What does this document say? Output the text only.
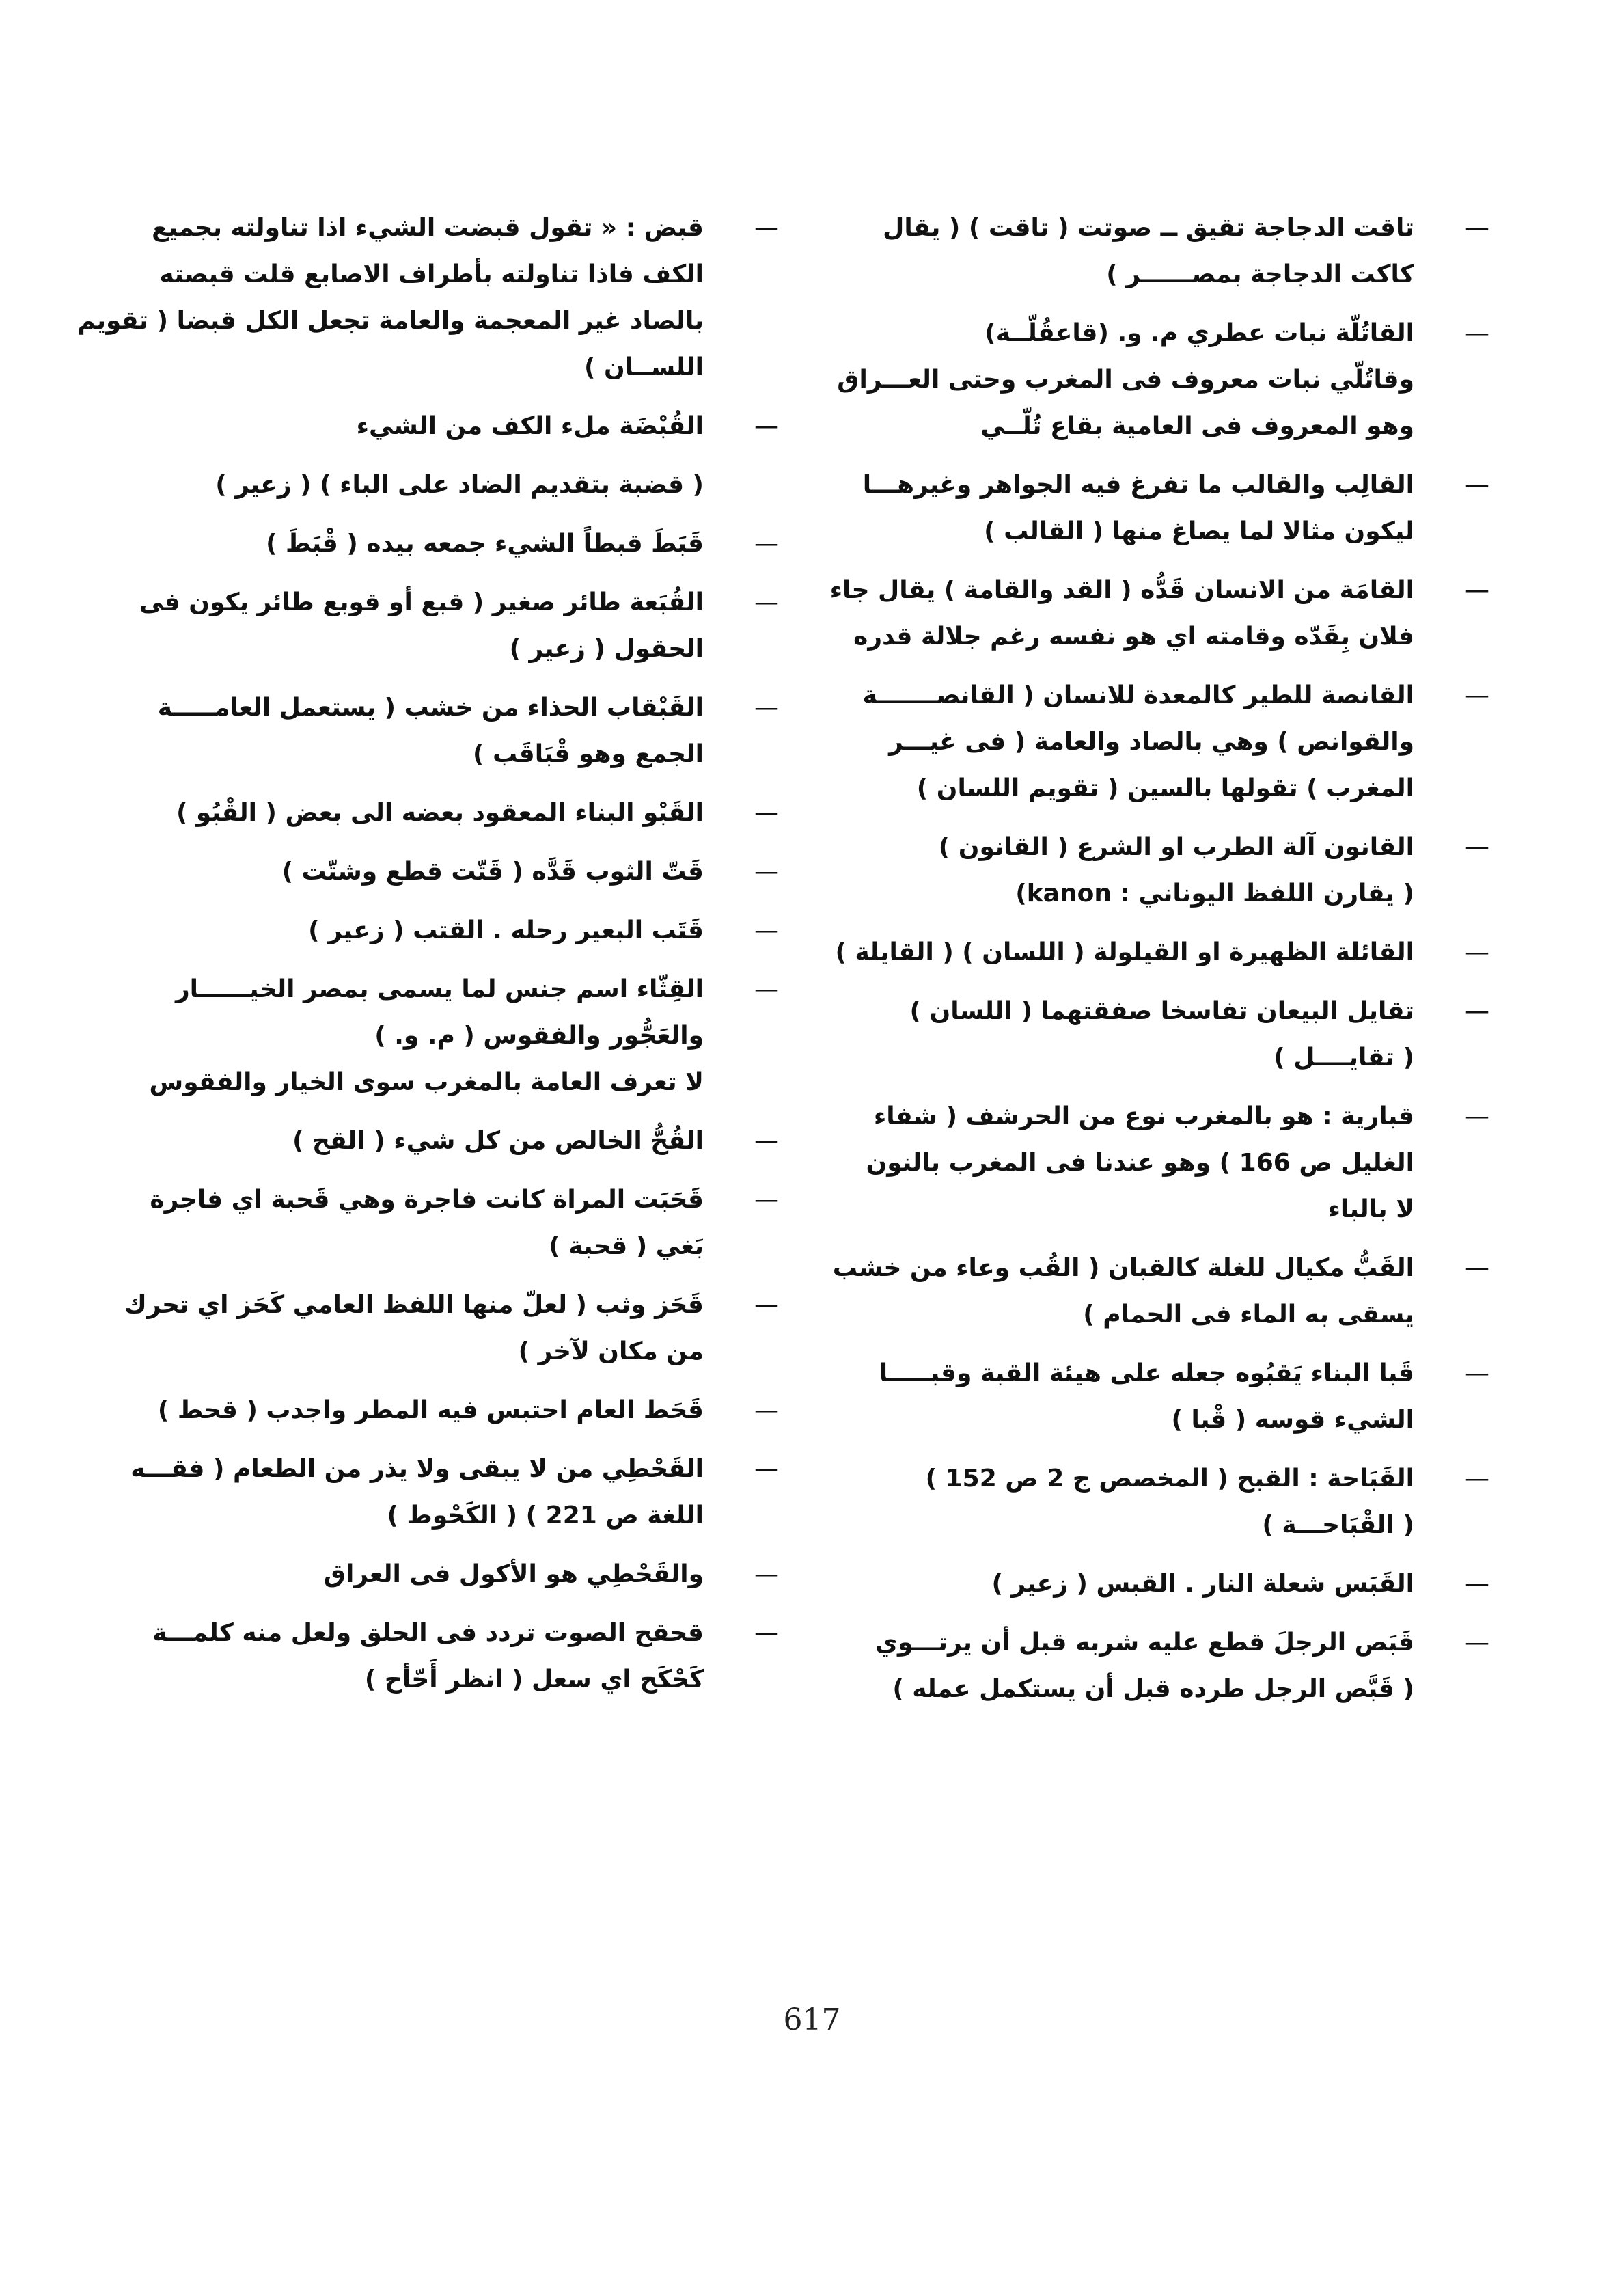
—
تاقت الدجاجة تقيق ــ صوتت ( تاقت ) ( يقال
كاكت الدجاجة بمصــــــر )
—
القاتُلّة نبات عطري م. و. (قاعقُلّــة)
وقاتُلّي نبات معروف فى المغرب وحتى العـــراق
وهو المعروف فى العامية بقاع تُلّــي
—
القالِب والقالب ما تفرغ فيه الجواهر وغيرهـــا
ليكون مثالا لما يصاغ منها ( القالب )
—
القامَة من الانسان قَدُّه ( القد والقامة ) يقال جاء
فلان بِقَدّه وقامته اي هو نفسه رغم جلالة قدره
—
القانصة للطير كالمعدة للانسان ( القانصـــــــة
والقوانص ) وهي بالصاد والعامة ( فى غيـــر
المغرب ) تقولها بالسين ( تقويم اللسان )
—
القانون آلة الطرب او الشرع ( القانون )
( يقارن اللفظ اليوناني : kanon)
—
القائلة الظهيرة او القيلولة ( اللسان ) ( القايلة )
—
تقايل البيعان تفاسخا صفقتهما ( اللسان )
( تقايــــل )
—
قبارية : هو بالمغرب نوع من الحرشف ( شفاء
الغليل ص 166 ) وهو عندنا فى المغرب بالنون
لا بالباء
—
القَبُّ مكيال للغلة كالقبان ( القُب وعاء من خشب
يسقى به الماء فى الحمام )
—
قَبا البناء يَقبُوه جعله على هيئة القبة وقبـــــا
الشيء قوسه ( قْبا )
—
القَبَاحة : القبح ( المخصص ج 2 ص 152 )
( القْبَاحـــة )
—
القَبَس شعلة النار . القبس ( زعير )
—
قَبَص الرجلَ قطع عليه شربه قبل أن يرتـــوي
( قَبَّص الرجل طرده قبل أن يستكمل عمله )
—
قبض : « تقول قبضت الشيء اذا تناولته بجميع
الكف فاذا تناولته بأطراف الاصابع قلت قبصته
بالصاد غير المعجمة والعامة تجعل الكل قبضا ( تقويم
اللســان )
—
القُبْضَة ملء الكف من الشيء
( قضبة بتقديم الضاد على الباء ) ( زعير )
—
قَبَطَ قبطاً الشيء جمعه بيده ( قْبَطَ )
—
القُبَعة طائر صغير ( قبع أو قوبع طائر يكون فى
الحقول ( زعير )
—
القَبْقاب الحذاء من خشب ( يستعمل العامـــــة
الجمع وهو قْبَاقَب )
—
القَبْو البناء المعقود بعضه الى بعض ( القْبُو )
—
قَتّ الثوب قَدَّه ( قَتّت قطع وشتّت )
—
قَتَب البعير رحله . القتب ( زعير )
—
القِثّاء اسم جنس لما يسمى بمصر الخيــــــار
والعَجُّور والفقوس ( م. و. )
لا تعرف العامة بالمغرب سوى الخيار والفقوس
—
القُحُّ الخالص من كل شيء ( القح )
—
قَحَبَت المراة كانت فاجرة وهي قَحبة اي فاجرة
بَغي ( قحبة )
—
قَحَز وثب ( لعلّ منها اللفظ العامي كَحَز اي تحرك
من مكان لآخر )
—
قَحَط العام احتبس فيه المطر واجدب ( قحط )
—
القَحْطِي من لا يبقى ولا يذر من الطعام ( فقـــه
اللغة ص 221 ) ( الكَحْوط )
—
والقَحْطِي هو الأكول فى العراق
—
قحقح الصوت تردد فى الحلق ولعل منه كلمـــة
كَحْكَح اي سعل ( انظر أَحّأح )
617
